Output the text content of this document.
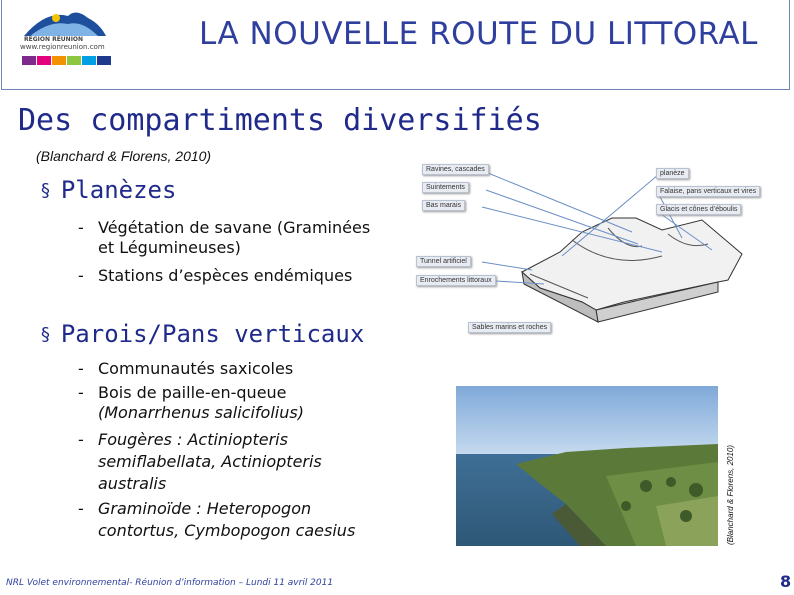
RÉGION RÉUNION
www.regionreunion.com	LA NOUVELLE ROUTE DU LITTORAL
Des compartiments diversifiés
(Blanchard & Florens, 2010)
§ Planèzes
- Végétation de savane (Graminées
et Légumineuses)
- Stations d’espèces endémiques
§ Parois/Pans verticaux
- Communautés saxicoles
- Bois de paille-en-queue
(Monarrhenus salicifolius)
- Fougères : Actiniopteris
semiflabellata, Actiniopteris
australis
- Graminoïde : Heteropogon
contortus, Cymbopogon caesius
Ravines, cascades
Suintements
Bas marais
planèze
Falaise, pans verticaux et vires
Glacis et cônes d’éboulis
Tunnel artificiel
Enrochements littoraux
Sables marins et roches
(Blanchard & Florens, 2010)
NRL Volet environnemental- Réunion d’information – Lundi 11 avril 2011	8
